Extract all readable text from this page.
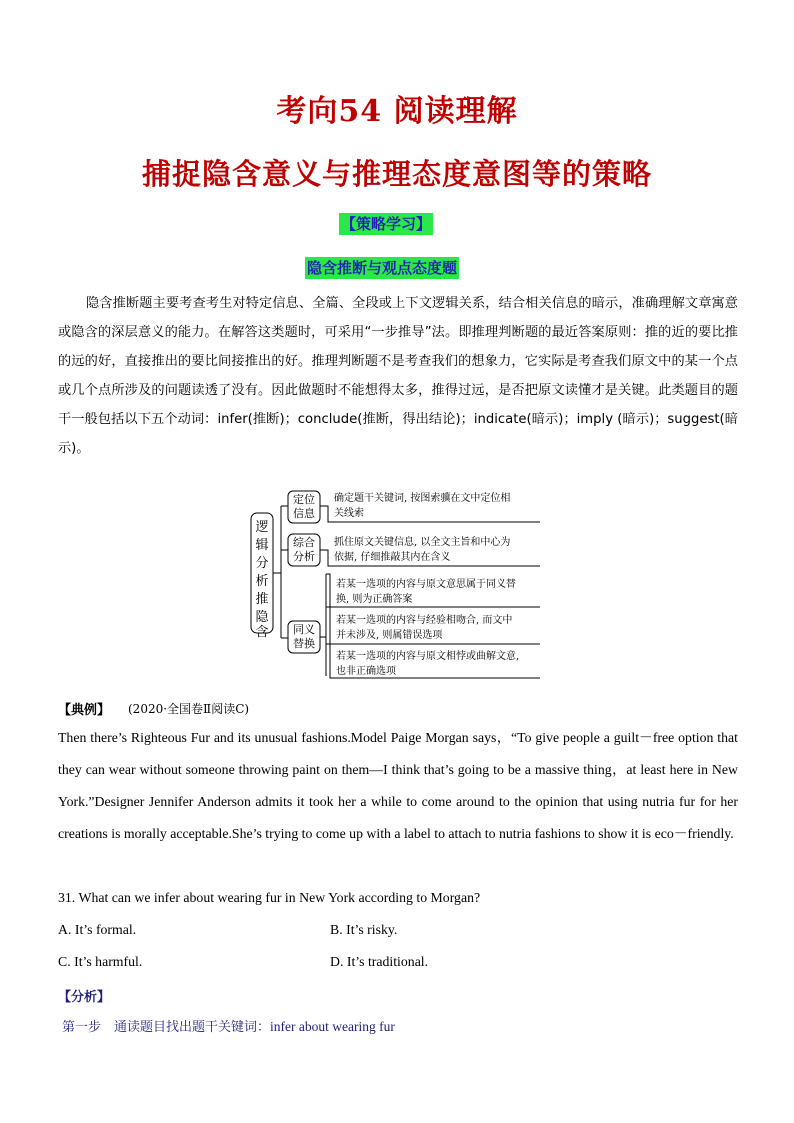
考向54 阅读理解
捕捉隐含意义与推理态度意图等的策略
【策略学习】
隐含推断与观点态度题

隐含推断题主要考查考生对特定信息、全篇、全段或上下文逻辑关系，结合相关信息的暗示，准确理解文章寓意或隐含的深层意义的能力。在解答这类题时，可采用“一步推导”法。即推理判断题的最近答案原则：推的近的要比推的远的好，直接推出的要比间接推出的好。推理判断题不是考查我们的想象力，它实际是考查我们原文中的某一个点或几个点所涉及的问题读透了没有。因此做题时不能想得太多，推得过远，是否把原文读懂才是关键。此类题目的题干一般包括以下五个动词：infer(推断)；conclude(推断，得出结论)；indicate(暗示)；imply (暗示)；suggest(暗示)。

逻
辑
分
析
推
隐
含
定位
信息
确定题干关键词, 按图索骥在文中定位相
关线索
综合
分析
抓住原文关键信息, 以全文主旨和中心为
依据, 仔细推敲其内在含义
同义
替换
若某一选项的内容与原文意思属于同义替
换, 则为正确答案
若某一选项的内容与经验相吻合, 而文中
并未涉及, 则属错误选项
若某一选项的内容与原文相悖或曲解文意,
也非正确选项
【典例】 (2020·全国卷Ⅱ阅读C)

Then there’s Righteous Fur and its unusual fashions.Model Paige Morgan says，“To give people a guilt－free option that they can wear without someone throwing paint on them—I think that’s going to be a massive thing，at least here in New York.”Designer Jennifer Anderson admits it took her a while to come around to the opinion that using nutria fur for her creations is morally acceptable.She’s trying to come up with a label to attach to nutria fashions to show it is eco－friendly.

31. What can we infer about wearing fur in New York according to Morgan?
A. It’s formal.	B. It’s risky.
C. It’s harmful.	D. It’s traditional.
【分析】
第一步　通读题目找出题干关键词：infer about wearing fur
